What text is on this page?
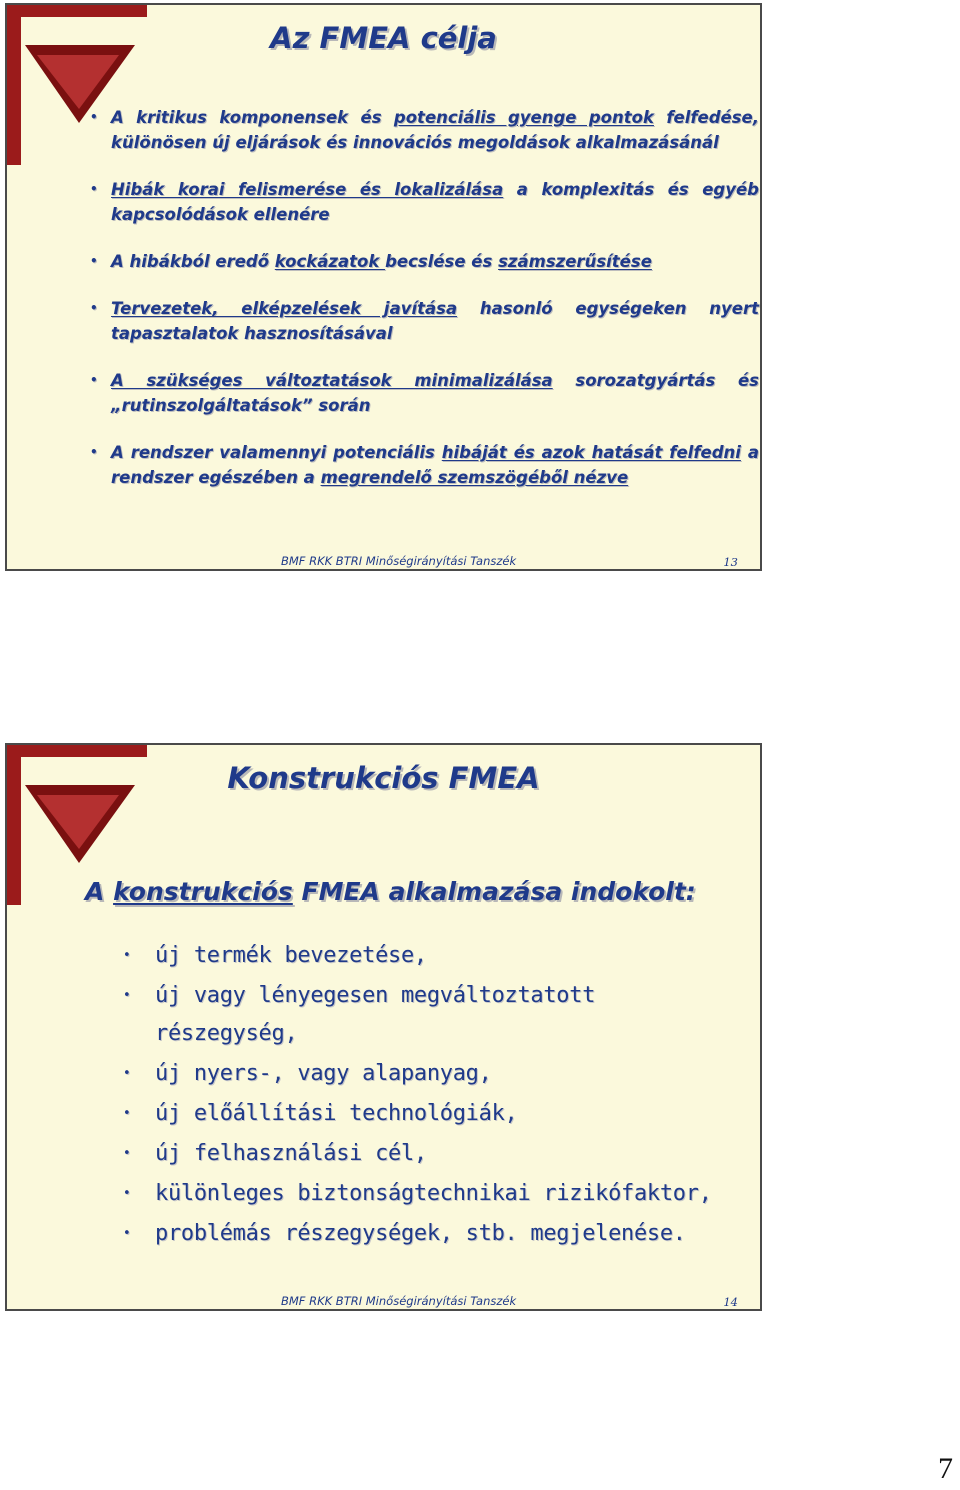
Az FMEA célja
• A kritikus komponensek és potenciális gyenge pontok felfedése, különösen új eljárások és innovációs megoldások alkalmazásánál
• Hibák korai felismerése és lokalizálása a komplexitás és egyéb kapcsolódások ellenére
• A hibákból eredő kockázatok becslése és számszerűsítése
• Tervezetek, elképzelések javítása hasonló egységeken nyert tapasztalatok hasznosításával
• A szükséges változtatások minimalizálása sorozatgyártás és „rutinszolgáltatások” során
• A rendszer valamennyi potenciális hibáját és azok hatását felfedni a rendszer egészében a megrendelő szemszögéből nézve
BMF RKK BTRI Minőségirányítási Tanszék	13
Konstrukciós FMEA
A konstrukciós FMEA alkalmazása indokolt:
• új termék bevezetése,
• új vagy lényegesen megváltoztatott részegység,
• új nyers-, vagy alapanyag,
• új előállítási technológiák,
• új felhasználási cél,
• különleges biztonságtechnikai rizikófaktor,
• problémás részegységek, stb. megjelenése.
BMF RKK BTRI Minőségirányítási Tanszék	14
7
